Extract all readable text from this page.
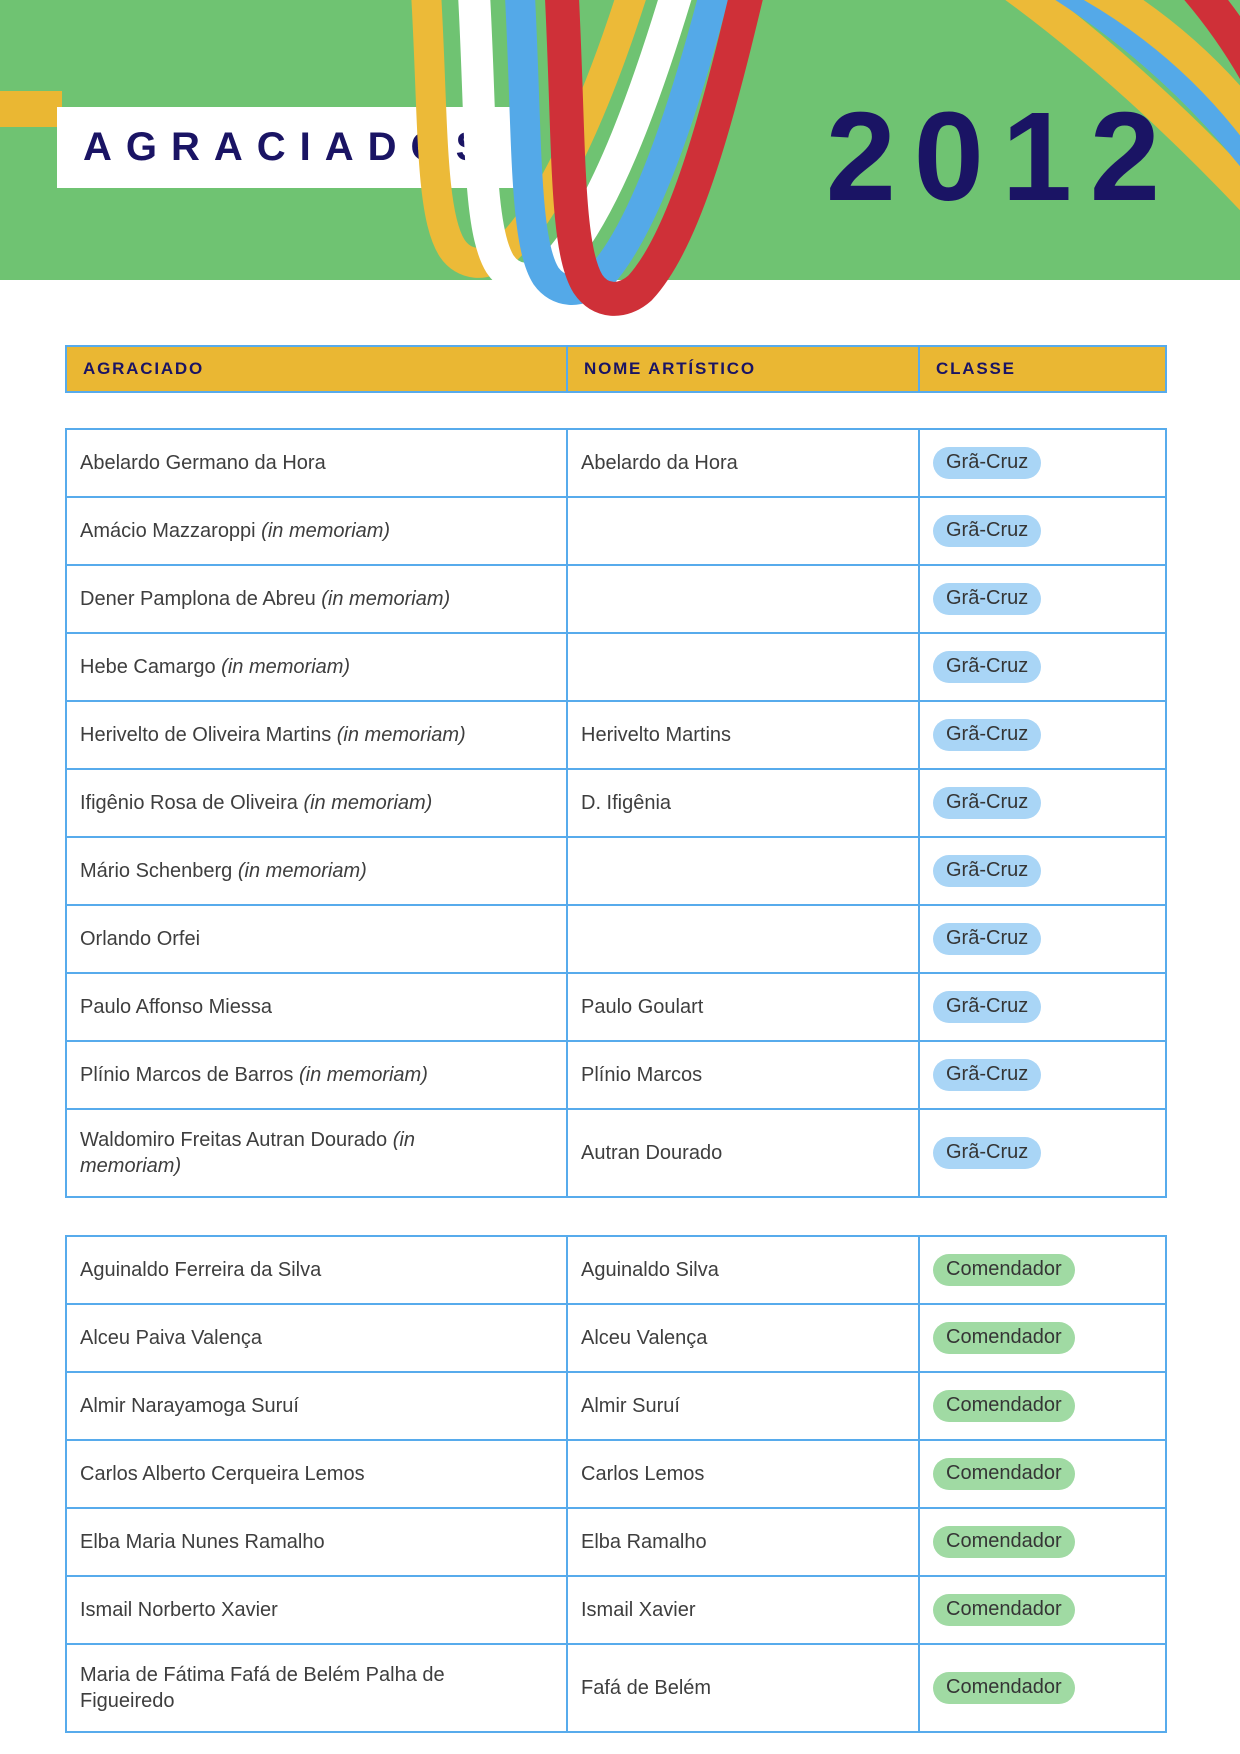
AGRACIADOS	2012
AGRACIADO	NOME ARTÍSTICO	CLASSE
Abelardo Germano da Hora	Abelardo da Hora	Grã-Cruz
Amácio Mazzaroppi (in memoriam)		Grã-Cruz
Dener Pamplona de Abreu (in memoriam)		Grã-Cruz
Hebe Camargo (in memoriam)		Grã-Cruz
Herivelto de Oliveira Martins (in memoriam)	Herivelto Martins	Grã-Cruz
Ifigênio Rosa de Oliveira (in memoriam)	D. Ifigênia	Grã-Cruz
Mário Schenberg (in memoriam)		Grã-Cruz
Orlando Orfei		Grã-Cruz
Paulo Affonso Miessa	Paulo Goulart	Grã-Cruz
Plínio Marcos de Barros (in memoriam)	Plínio Marcos	Grã-Cruz
Waldomiro Freitas Autran Dourado (in memoriam)	Autran Dourado	Grã-Cruz
Aguinaldo Ferreira da Silva	Aguinaldo Silva	Comendador
Alceu Paiva Valença	Alceu Valença	Comendador
Almir Narayamoga Suruí	Almir Suruí	Comendador
Carlos Alberto Cerqueira Lemos	Carlos Lemos	Comendador
Elba Maria Nunes Ramalho	Elba Ramalho	Comendador
Ismail Norberto Xavier	Ismail Xavier	Comendador
Maria de Fátima Fafá de Belém Palha de Figueiredo	Fafá de Belém	Comendador
